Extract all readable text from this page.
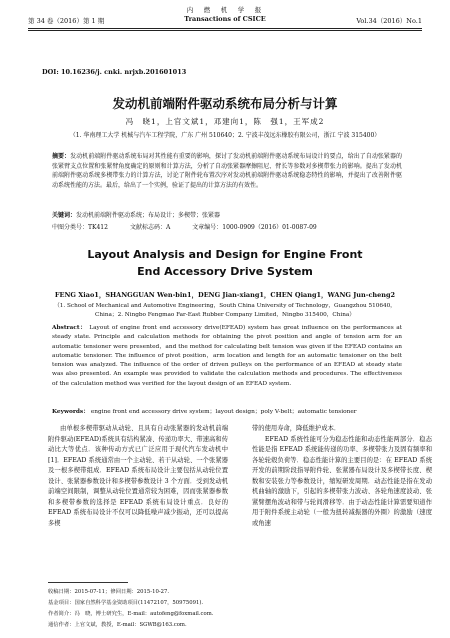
第 34 卷（2016）第 1 期
内　燃　机　学　报
Transactions of CSICE	Vol.34（2016）No.1
DOI: 10.16236/j. cnki. nrjxb.201601013
发动机前端附件驱动系统布局分析与计算
冯　晓1，上官文斌1，邓建向1，陈　强1，王军成2
（1. 华南理工大学 机械与汽车工程学院，广东 广州 510640；2. 宁波丰茂远东橡胶有限公司，浙江 宁波 315400）
摘要：发动机前端附件驱动系统布局对其性能有重要的影响，探讨了发动机前端附件驱动系统布局设计的要点，给出了自动张紧器的张紧臂支点位置和张紧臂角度确定的原则和计算方法，分析了自动张紧器摩擦阻尼、臂长等参数对多楔带张力的影响。提出了发动机前端附件驱动系统多楔带张力的计算方法，讨论了附件轮布置次序对发动机前端附件驱动系统稳态特性的影响，并提出了改善附件驱动系统性能的方法。最后，给出了一个实例，验证了提出的计算方法的有效性。
关键词：发动机前端附件驱动系统；布局设计；多楔带；张紧器
中图分类号：TK412	文献标志码：A	文章编号：1000-0909（2016）01-0087-09
Layout Analysis and Design for Engine Front
End Accessory Drive System
FENG Xiao1，SHANGGUAN Wen-bin1，DENG Jian-xiang1，CHEN Qiang1，WANG Jun-cheng2
（1. School of Mechanical and Automotive Engineering，South China University of Technology，Guangzhou 510640，
China；2. Ningbo Fengmao Far-East Rubber Company Limited，Ningbo 315400，China）
Abstract： Layout of engine front end accessory drive(EFEAD) system has great influence on the performances at steady state. Principle and calculation methods for obtaining the pivot position and angle of tension arm for an automatic tensioner were presented，and the method for calculating belt tension was given if the EFEAD contains an automatic tensioner. The influence of pivot position，arm location and length for an automatic tensioner on the belt tension was analyzed. The influence of the order of driven pulleys on the performance of an EFEAD at steady state was also presented. An example was provided to validate the calculation methods and procedures. The effectiveness of the calculation method was verified for the layout design of an EFEAD system.
Keywords： engine front end accessory drive system；layout design；poly V-belt；automatic tensioner
由单根多楔带驱动从动轮、且具有自动张紧器的发动机前端附件驱动(EFEAD)系统具有结构紧凑、传递功率大、带速高和传动比大等优点．该种传动方式已广泛应用于现代汽车发动机中[1]．EFEAD 系统通常由一个主动轮、若干从动轮、一个张紧器及一根多楔带组成．EFEAD 系统布局设计主要包括从动轮位置设计、张紧器参数设计和多楔带参数设计 3 个方面．受到发动机前端空间限制，调整从动轮位置通常较为困难，因而张紧器参数和多楔带参数的选择是 EFEAD 系统布局设计重点．良好的 EFEAD 系统布局设计不仅可以降低噪声减少振动，还可以提高多楔
带的使用寿命，降低维护成本．
　　EFEAD 系统性能可分为稳态性能和动态性能两部分．稳态性能是指 EFEAD 系统能传递的功率、多楔带张力及固有频率和各轮轮毂负荷等．稳态性能计算的主要目的是：在 EFEAD 系统开发的前期阶段指导附件轮、张紧器布局设计及多楔带长度、楔数和安装张力等参数设计，缩短研发周期．动态性能是指在发动机曲轴的激励下，引起的多楔带张力波动、各轮角速度波动、张紧臂摆角波动和带与轮间滑移等．由于动态性能计算需要知道作用于附件系统主动轮（一般为扭转减振器的外圈）的激励（速度或角速
收稿日期：2015-07-11；修回日期：2015-10-27.
基金项目：国家自然科学基金资助项目(11472107，50975091).
作者简介：冯　晓，博士研究生，E-mail：autofeng@foxmail.com.
通信作者：上官文斌，教授，E-mail：SGWB@163.com.
